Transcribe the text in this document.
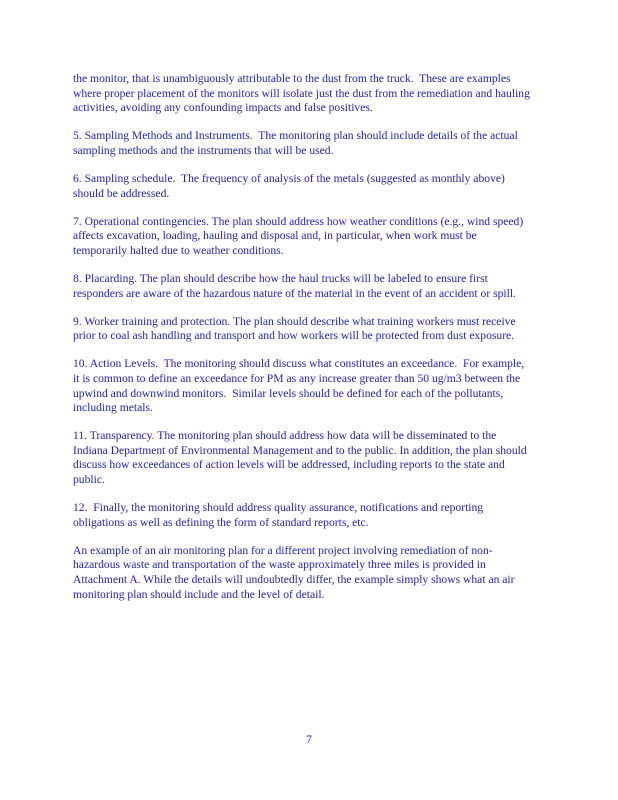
the monitor, that is unambiguously attributable to the dust from the truck.  These are examples
where proper placement of the monitors will isolate just the dust from the remediation and hauling
activities, avoiding any confounding impacts and false positives.

5. Sampling Methods and Instruments.  The monitoring plan should include details of the actual
sampling methods and the instruments that will be used.

6. Sampling schedule.  The frequency of analysis of the metals (suggested as monthly above)
should be addressed.

7. Operational contingencies. The plan should address how weather conditions (e.g., wind speed)
affects excavation, loading, hauling and disposal and, in particular, when work must be
temporarily halted due to weather conditions.

8. Placarding. The plan should describe how the haul trucks will be labeled to ensure first
responders are aware of the hazardous nature of the material in the event of an accident or spill.

9. Worker training and protection. The plan should describe what training workers must receive
prior to coal ash handling and transport and how workers will be protected from dust exposure.

10. Action Levels.  The monitoring should discuss what constitutes an exceedance.  For example,
it is common to define an exceedance for PM as any increase greater than 50 ug/m3 between the
upwind and downwind monitors.  Similar levels should be defined for each of the pollutants,
including metals.

11. Transparency. The monitoring plan should address how data will be disseminated to the
Indiana Department of Environmental Management and to the public. In addition, the plan should
discuss how exceedances of action levels will be addressed, including reports to the state and
public.

12.  Finally, the monitoring should address quality assurance, notifications and reporting
obligations as well as defining the form of standard reports, etc.

An example of an air monitoring plan for a different project involving remediation of non-
hazardous waste and transportation of the waste approximately three miles is provided in
Attachment A. While the details will undoubtedly differ, the example simply shows what an air
monitoring plan should include and the level of detail.

7
